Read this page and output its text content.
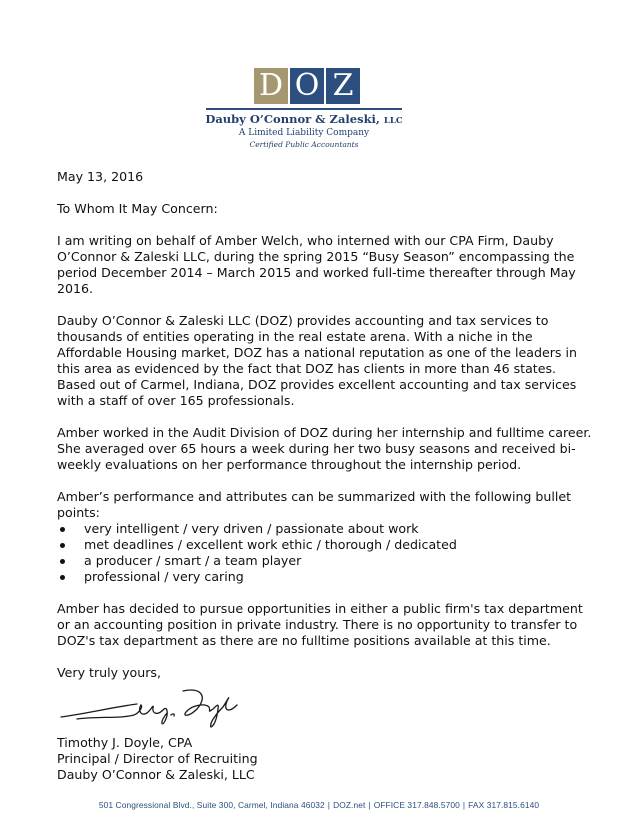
D O Z
Dauby O’Connor & Zaleski, LLC
A Limited Liability Company
Certified Public Accountants

May 13, 2016

To Whom It May Concern:

I am writing on behalf of Amber Welch, who interned with our CPA Firm, Dauby O’Connor & Zaleski LLC, during the spring 2015 “Busy Season” encompassing the period December 2014 – March 2015 and worked full-time thereafter through May 2016.

Dauby O’Connor & Zaleski LLC (DOZ) provides accounting and tax services to thousands of entities operating in the real estate arena. With a niche in the Affordable Housing market, DOZ has a national reputation as one of the leaders in this area as evidenced by the fact that DOZ has clients in more than 46 states. Based out of Carmel, Indiana, DOZ provides excellent accounting and tax services with a staff of over 165 professionals.

Amber worked in the Audit Division of DOZ during her internship and fulltime career. She averaged over 65 hours a week during her two busy seasons and received bi-weekly evaluations on her performance throughout the internship period.

Amber’s performance and attributes can be summarized with the following bullet points:

very intelligent / very driven / passionate about work
met deadlines / excellent work ethic / thorough / dedicated
a producer / smart / a team player
professional / very caring

Amber has decided to pursue opportunities in either a public firm's tax department or an accounting position in private industry. There is no opportunity to transfer to DOZ's tax department as there are no fulltime positions available at this time.

Very truly yours,

Timothy J. Doyle, CPA

Principal / Director of Recruiting

Dauby O’Connor & Zaleski, LLC

501 Congressional Blvd., Suite 300, Carmel, Indiana 46032 | DOZ.net | OFFICE 317.848.5700 | FAX 317.815.6140
